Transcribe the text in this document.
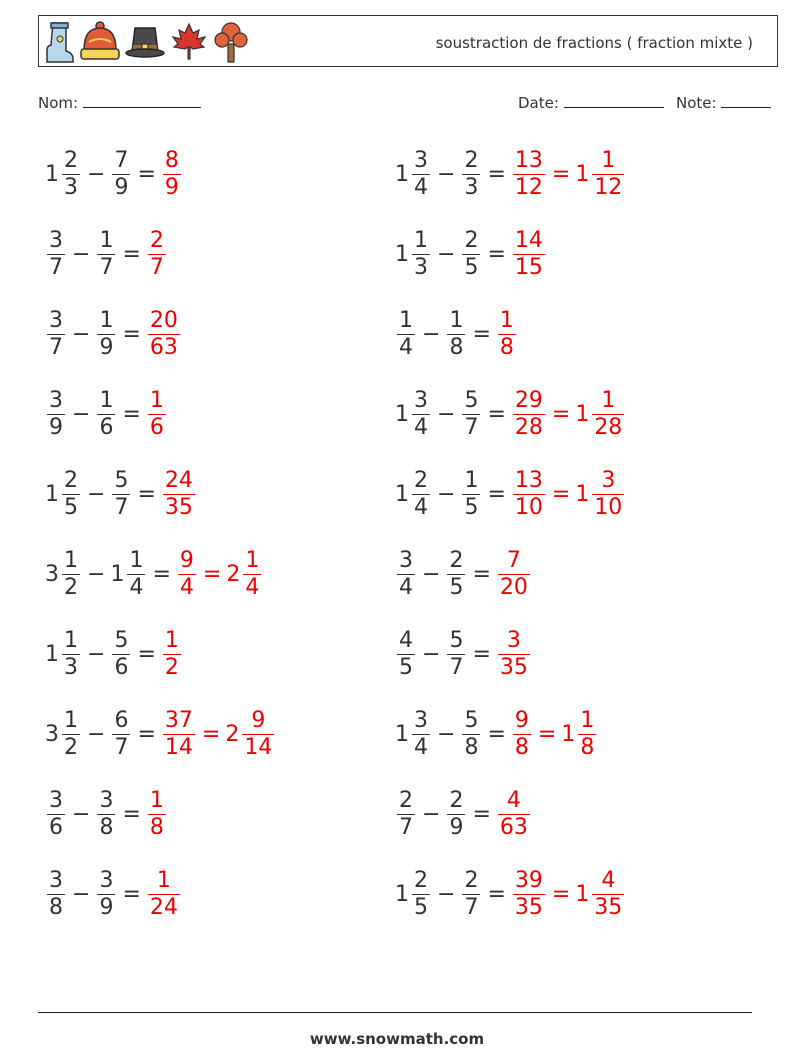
soustraction de fractions ( fraction mixte )
Nom:	Date:	Note:
$1 \frac{2}{3} - \frac{7}{9} = \frac{8}{9}$	$1 \frac{3}{4} - \frac{2}{3} = \frac{13}{12} = 1 \frac{1}{12}$
$\frac{3}{7} - \frac{1}{7} = \frac{2}{7}$	$1 \frac{1}{3} - \frac{2}{5} = \frac{14}{15}$
$\frac{3}{7} - \frac{1}{9} = \frac{20}{63}$	$\frac{1}{4} - \frac{1}{8} = \frac{1}{8}$
$\frac{3}{9} - \frac{1}{6} = \frac{1}{6}$	$1 \frac{3}{4} - \frac{5}{7} = \frac{29}{28} = 1 \frac{1}{28}$
$1 \frac{2}{5} - \frac{5}{7} = \frac{24}{35}$	$1 \frac{2}{4} - \frac{1}{5} = \frac{13}{10} = 1 \frac{3}{10}$
$3 \frac{1}{2} - 1 \frac{1}{4} = \frac{9}{4} = 2 \frac{1}{4}$	$\frac{3}{4} - \frac{2}{5} = \frac{7}{20}$
$1 \frac{1}{3} - \frac{5}{6} = \frac{1}{2}$	$\frac{4}{5} - \frac{5}{7} = \frac{3}{35}$
$3 \frac{1}{2} - \frac{6}{7} = \frac{37}{14} = 2 \frac{9}{14}$	$1 \frac{3}{4} - \frac{5}{8} = \frac{9}{8} = 1 \frac{1}{8}$
$\frac{3}{6} - \frac{3}{8} = \frac{1}{8}$	$\frac{2}{7} - \frac{2}{9} = \frac{4}{63}$
$\frac{3}{8} - \frac{3}{9} = \frac{1}{24}$	$1 \frac{2}{5} - \frac{2}{7} = \frac{39}{35} = 1 \frac{4}{35}$
www.snowmath.com
